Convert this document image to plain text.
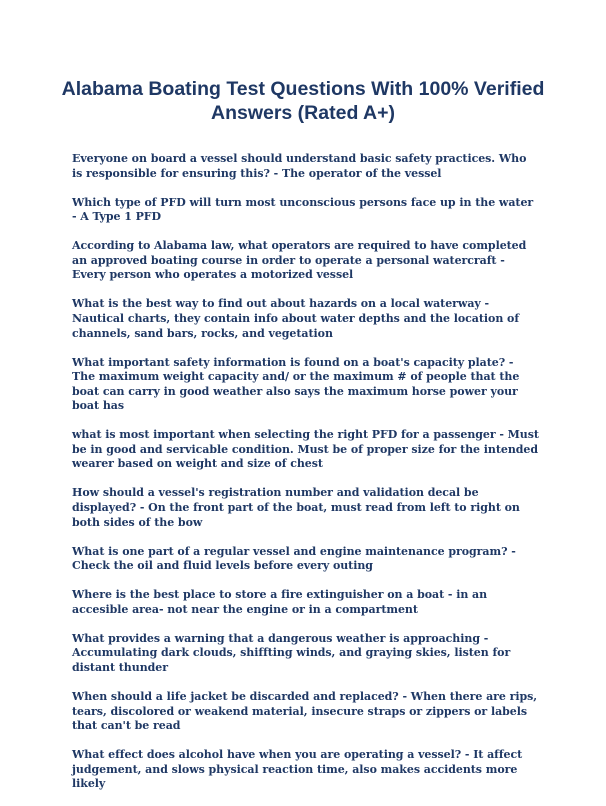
Alabama Boating Test Questions With 100% Verified Answers (Rated A+)

Everyone on board a vessel should understand basic safety practices. Who is responsible for ensuring this? - The operator of the vessel

Which type of PFD will turn most unconscious persons face up in the water - A Type 1 PFD

According to Alabama law, what operators are required to have completed an approved boating course in order to operate a personal watercraft - Every person who operates a motorized vessel

What is the best way to find out about hazards on a local waterway - Nautical charts, they contain info about water depths and the location of channels, sand bars, rocks, and vegetation

What important safety information is found on a boat's capacity plate? - The maximum weight capacity and/ or the maximum # of people that the boat can carry in good weather also says the maximum horse power your boat has

what is most important when selecting the right PFD for a passenger - Must be in good and servicable condition. Must be of proper size for the intended wearer based on weight and size of chest

How should a vessel's registration number and validation decal be displayed? - On the front part of the boat, must read from left to right on both sides of the bow

What is one part of a regular vessel and engine maintenance program? - Check the oil and fluid levels before every outing

Where is the best place to store a fire extinguisher on a boat - in an accesible area- not near the engine or in a compartment

What provides a warning that a dangerous weather is approaching - Accumulating dark clouds, shiffting winds, and graying skies, listen for distant thunder

When should a life jacket be discarded and replaced? - When there are rips, tears, discolored or weakend material, insecure straps or zippers or labels that can't be read

What effect does alcohol have when you are operating a vessel? - It affect judgement, and slows physical reaction time, also makes accidents more likely
